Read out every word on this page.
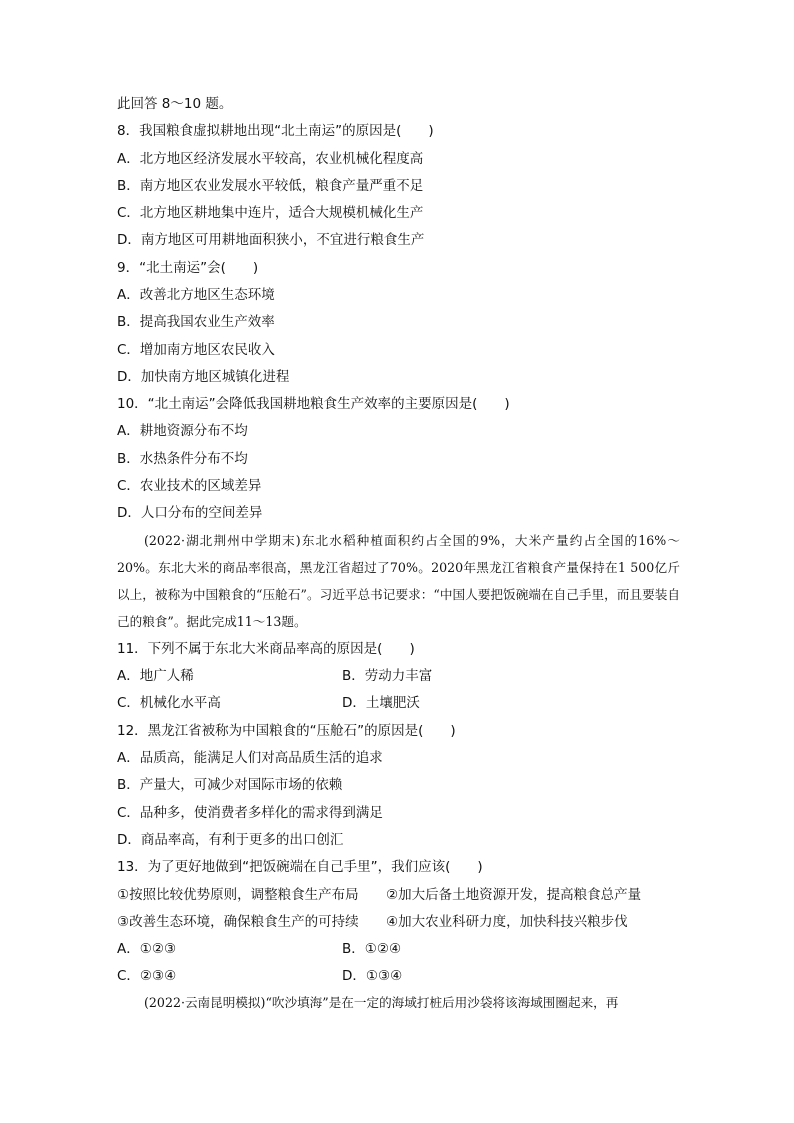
此回答 8～10 题。
8．我国粮食虚拟耕地出现“北土南运”的原因是(　　)
A．北方地区经济发展水平较高，农业机械化程度高
B．南方地区农业发展水平较低，粮食产量严重不足
C．北方地区耕地集中连片，适合大规模机械化生产
D．南方地区可用耕地面积狭小，不宜进行粮食生产
9．“北土南运”会(　　)
A．改善北方地区生态环境
B．提高我国农业生产效率
C．增加南方地区农民收入
D．加快南方地区城镇化进程
10．“北土南运”会降低我国耕地粮食生产效率的主要原因是(　　)
A．耕地资源分布不均
B．水热条件分布不均
C．农业技术的区域差异
D．人口分布的空间差异
(2022·湖北荆州中学期末)东北水稻种植面积约占全国的9%，大米产量约占全国的16%～20%。东北大米的商品率很高，黑龙江省超过了70%。2020年黑龙江省粮食产量保持在1 500亿斤以上，被称为中国粮食的“压舱石”。习近平总书记要求：“中国人要把饭碗端在自己手里，而且要装自己的粮食”。据此完成11～13题。
11．下列不属于东北大米商品率高的原因是(　　)
A．地广人稀	B．劳动力丰富
C．机械化水平高	D．土壤肥沃
12．黑龙江省被称为中国粮食的“压舱石”的原因是(　　)
A．品质高，能满足人们对高品质生活的追求
B．产量大，可减少对国际市场的依赖
C．品种多，使消费者多样化的需求得到满足
D．商品率高，有利于更多的出口创汇
13．为了更好地做到“把饭碗端在自己手里”，我们应该(　　)
①按照比较优势原则，调整粮食生产布局 ②加大后备土地资源开发，提高粮食总产量
③改善生态环境，确保粮食生产的可持续 ④加大农业科研力度，加快科技兴粮步伐
A．①②③	B．①②④
C．②③④	D．①③④
(2022·云南昆明模拟)“吹沙填海”是在一定的海域打桩后用沙袋将该海域围圈起来，再
